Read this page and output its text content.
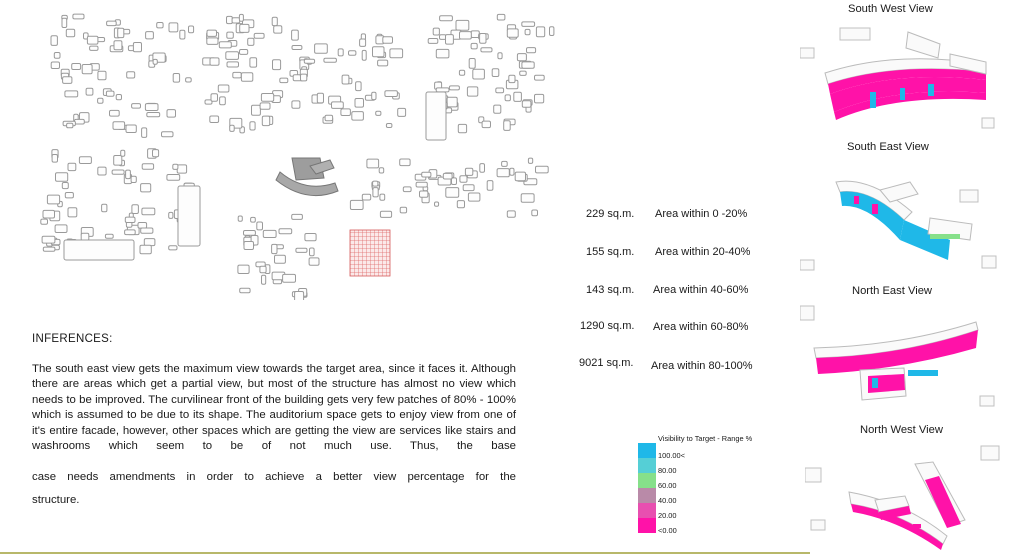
INFERENCES:
The south east view gets the maximum view towards the target area, since it faces it. Although there are areas which get a partial view, but most of the structure has almost no view which needs to be improved. The curvilinear front of the building gets very few patches of 80% - 100% which is assumed to be due to its shape. The auditorium space gets to enjoy view from one of it's entire facade, however, other spaces which are getting the view are services like stairs and washrooms which seem to be of not much use. Thus, the base
case needs amendments in order to achieve a better view percentage for the
structure.
229 sq.m. Area within 0 -20%
155 sq.m. Area within 20-40%
143 sq.m. Area within 40-60%
1290 sq.m. Area within 60-80%
9021 sq.m. Area within 80-100%
Visibility to Target - Range %
100.00<
80.00
60.00
40.00
20.00
<0.00
South West View
South East View
North East View
North West View
